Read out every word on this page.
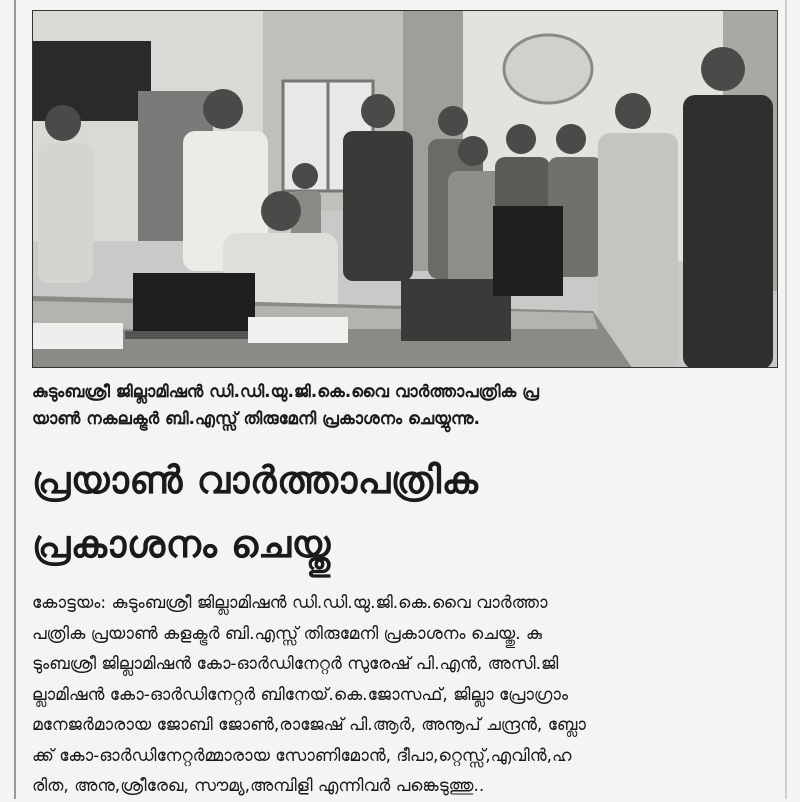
കുടുംബശ്രീ ജില്ലാമിഷൻ ഡി.ഡി.യു.ജി.കെ.വൈ വാർത്താപത്രിക പ്ര
യാൺ നകലക്ട്രർ ബി.എസ്സ് തിരുമേനി പ്രകാശനം ചെയ്യുന്നു.
പ്രയാൺ വാർത്താപത്രിക
പ്രകാശനം ചെയ്തു
കോട്ടയം: കുടുംബശ്രീ ജില്ലാമിഷൻ ഡി.ഡി.യു.ജി.കെ.വൈ വാർത്താ
പത്രിക പ്രയാൺ കളക്ട്രർ ബി.എസ്സ് തിരുമേനി പ്രകാശനം ചെയ്തു. കു
ടുംബശ്രീ ജില്ലാമിഷൻ കോ-ഓർഡിനേറ്റർ സുരേഷ് പി.എൻ, അസി.ജി
ല്ലാമിഷൻ കോ-ഓർഡിനേറ്റർ ബിനേയ്.കെ.ജോസഫ്, ജില്ലാ പ്രോഗ്രാം
മനേജർമാരായ ജോബി ജോൺ,രാജേഷ് പി.ആർ, അനൂപ് ചന്ദ്രൻ, ബ്ലോ
ക്ക് കോ-ഓർഡിനേറ്റർമ്മാരായ സോണിമോൻ, ദീപാ,റ്റെസ്സ്,എവിൻ,ഹ
രിത, അനു,ശ്രീരേഖ, സൗമ്യ,അമ്പിളി എന്നിവർ പങ്കെടുത്തു..
